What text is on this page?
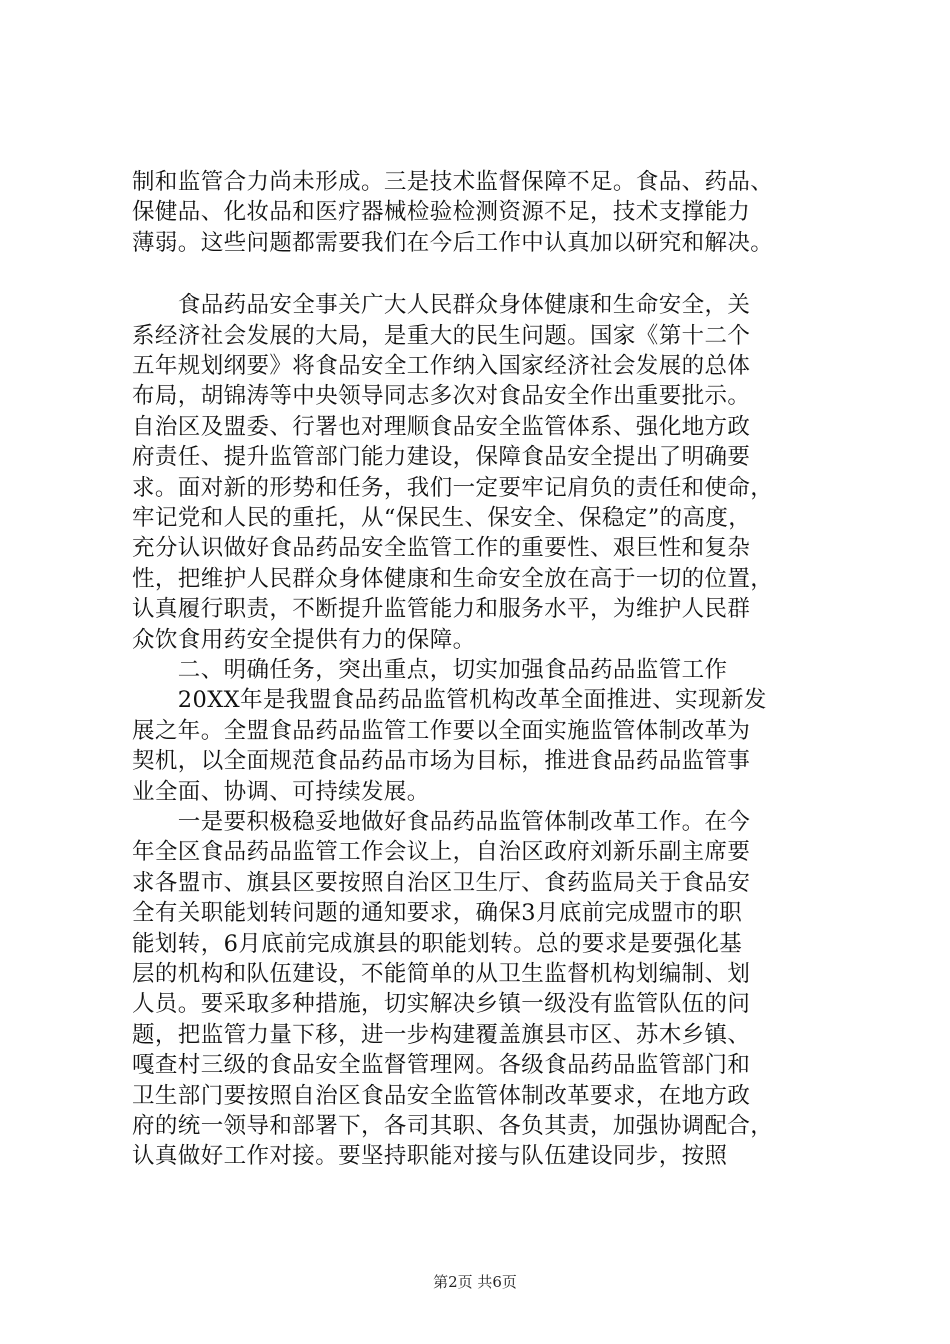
制和监管合力尚未形成。三是技术监督保障不足。食品、药品、
保健品、化妆品和医疗器械检验检测资源不足，技术支撑能力
薄弱。这些问题都需要我们在今后工作中认真加以研究和解决。
　　食品药品安全事关广大人民群众身体健康和生命安全，关
系经济社会发展的大局，是重大的民生问题。国家《第十二个
五年规划纲要》将食品安全工作纳入国家经济社会发展的总体
布局，胡锦涛等中央领导同志多次对食品安全作出重要批示。
自治区及盟委、行署也对理顺食品安全监管体系、强化地方政
府责任、提升监管部门能力建设，保障食品安全提出了明确要
求。面对新的形势和任务，我们一定要牢记肩负的责任和使命，
牢记党和人民的重托，从“保民生、保安全、保稳定”的高度，
充分认识做好食品药品安全监管工作的重要性、艰巨性和复杂
性，把维护人民群众身体健康和生命安全放在高于一切的位置，
认真履行职责，不断提升监管能力和服务水平，为维护人民群
众饮食用药安全提供有力的保障。
　　二、明确任务，突出重点，切实加强食品药品监管工作
　　20XX年是我盟食品药品监管机构改革全面推进、实现新发
展之年。全盟食品药品监管工作要以全面实施监管体制改革为
契机，以全面规范食品药品市场为目标，推进食品药品监管事
业全面、协调、可持续发展。
　　一是要积极稳妥地做好食品药品监管体制改革工作。在今
年全区食品药品监管工作会议上，自治区政府刘新乐副主席要
求各盟市、旗县区要按照自治区卫生厅、食药监局关于食品安
全有关职能划转问题的通知要求，确保3月底前完成盟市的职
能划转，6月底前完成旗县的职能划转。总的要求是要强化基
层的机构和队伍建设，不能简单的从卫生监督机构划编制、划
人员。要采取多种措施，切实解决乡镇一级没有监管队伍的问
题，把监管力量下移，进一步构建覆盖旗县市区、苏木乡镇、
嘎查村三级的食品安全监督管理网。各级食品药品监管部门和
卫生部门要按照自治区食品安全监管体制改革要求，在地方政
府的统一领导和部署下，各司其职、各负其责，加强协调配合，
认真做好工作对接。要坚持职能对接与队伍建设同步，按照
第2页 共6页
